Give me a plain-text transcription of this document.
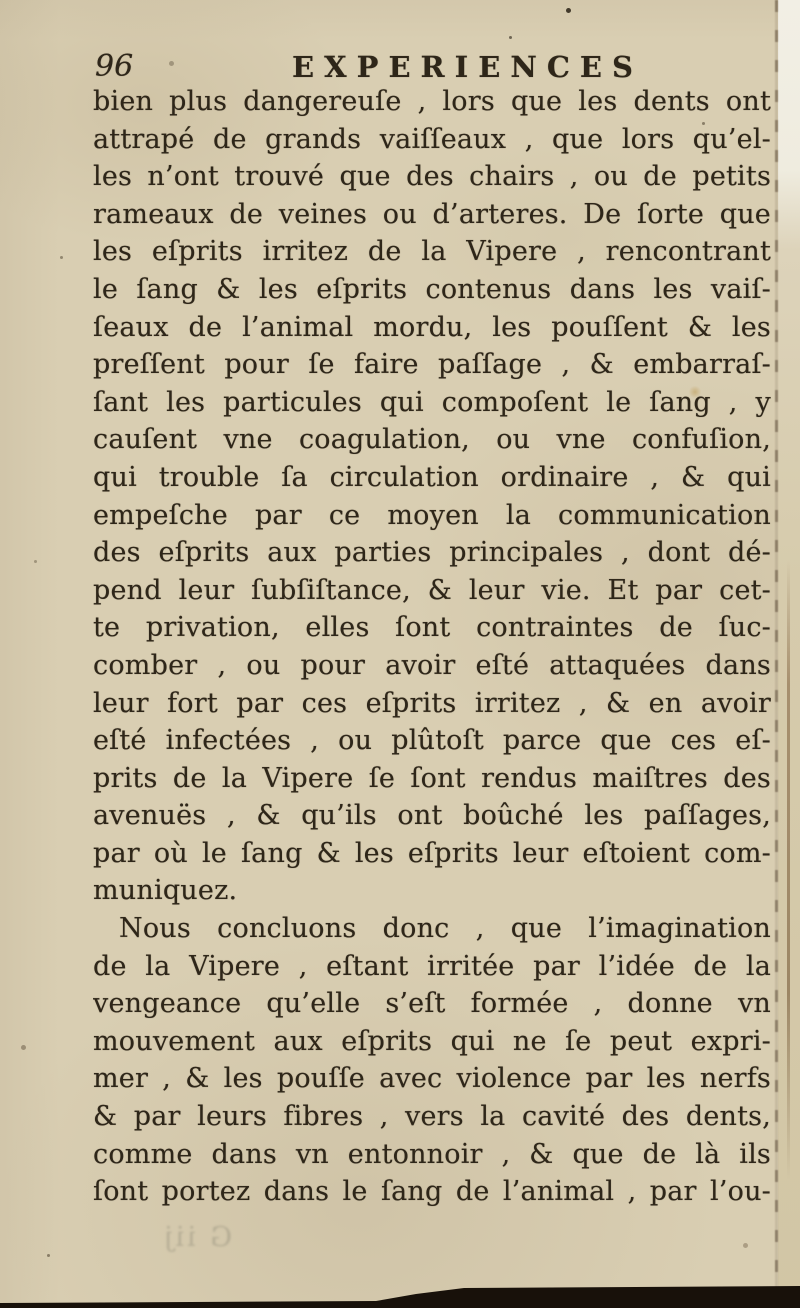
96	EXPERIENCES
bien plus dangereuſe , lors que les dents ont
attrapé de grands vaiſſeaux , que lors qu’el-
les n’ont trouvé que des chairs , ou de petits
rameaux de veines ou d’arteres. De ſorte que
les eſprits irritez de la Vipere , rencontrant
le ſang & les eſprits contenus dans les vaiſ-
ſeaux de l’animal mordu, les pouſſent & les
preſſent pour ſe faire paſſage , & embarraſ-
ſant les particules qui compoſent le ſang , y
cauſent vne coagulation, ou vne confuſion,
qui trouble ſa circulation ordinaire , & qui
empeſche par ce moyen la communication
des eſprits aux parties principales , dont dé-
pend leur ſubſiſtance, & leur vie. Et par cet-
te privation, elles ſont contraintes de ſuc-
comber , ou pour avoir eſté attaquées dans
leur fort par ces eſprits irritez , & en avoir
eſté infectées , ou plûtoſt parce que ces eſ-
prits de la Vipere ſe ſont rendus maiſtres des
avenuës , & qu’ils ont boûché les paſſages,
par où le ſang & les eſprits leur eſtoient com-
muniquez.
Nous concluons donc , que l’imagination
de la Vipere , eſtant irritée par l’idée de la
vengeance qu’elle s’eſt formée , donne vn
mouvement aux eſprits qui ne ſe peut expri-
mer , & les pouſſe avec violence par les nerfs
& par leurs fibres , vers la cavité des dents,
comme dans vn entonnoir , & que de là ils
ſont portez dans le ſang de l’animal , par l’ou-
G iij
